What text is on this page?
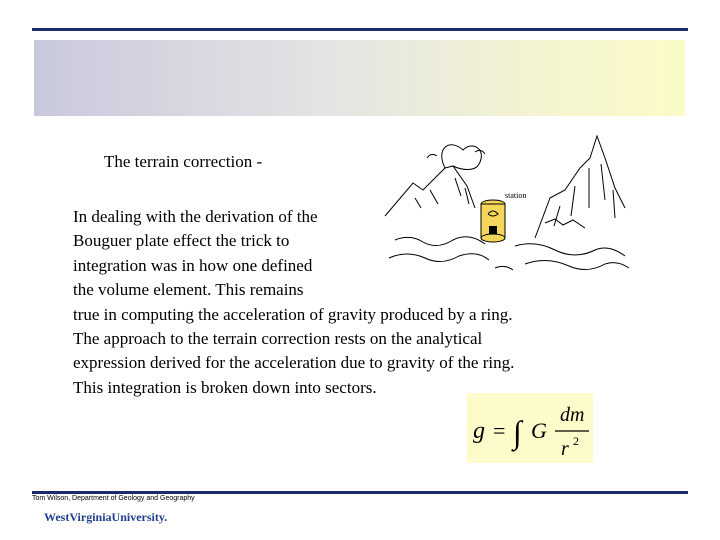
The terrain correction -

In dealing with the derivation of the
Bouguer plate effect the trick to
integration was in how one defined
the volume element. This remains
true in computing the acceleration of gravity produced by a ring.
The approach to the terrain correction rests on the analytical
expression derived for the acceleration due to gravity of the ring.
This integration is broken down into sectors.

station
g = ∫ G
dm
r 2
Tom Wilson, Department of Geology and Geography
WestVirginiaUniversity.
